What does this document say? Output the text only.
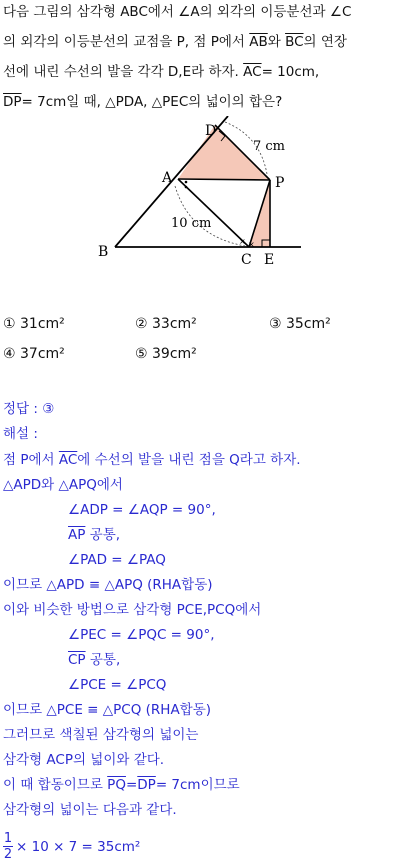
다음 그림의 삼각형 ABC에서 ∠A의 외각의 이등분선과 ∠C
의 외각의 이등분선의 교점을 P, 점 P에서 $\overline{AB}$와 $\overline{BC}$의 연장
선에 내린 수선의 발을 각각 D,E라 하자. $\overline{AC}= 10cm$,
$\overline{DP}= 7cm$일 때, △PDA, △PEC의 넓이의 합은?
× ×
D
A	P
B	C E
7 cm
10 cm
① 31cm²	② 33cm²	③ 35cm²
④ 37cm²	⑤ 39cm²
정답 : ③
해설 :
점 P에서 $\overline{AC}$에 수선의 발을 내린 점을 Q라고 하자.
△APD와 △APQ에서
∠ADP = ∠AQP = 90°,
$\overline{AP}$ 공통,
∠PAD = ∠PAQ
이므로 △APD ≡ △APQ (RHA합동)
이와 비슷한 방법으로 삼각형 PCE,PCQ에서
∠PEC = ∠PQC = 90°,
$\overline{CP}$ 공통,
∠PCE = ∠PCQ
이므로 △PCE ≡ △PCQ (RHA합동)
그러므로 색칠된 삼각형의 넓이는
삼각형 ACP의 넓이와 같다.
이 때 합동이므로 $\overline{PQ}=\overline{DP}= 7cm$이므로
삼각형의 넓이는 다음과 같다.
1
2 × 10 × 7 = 35cm²
